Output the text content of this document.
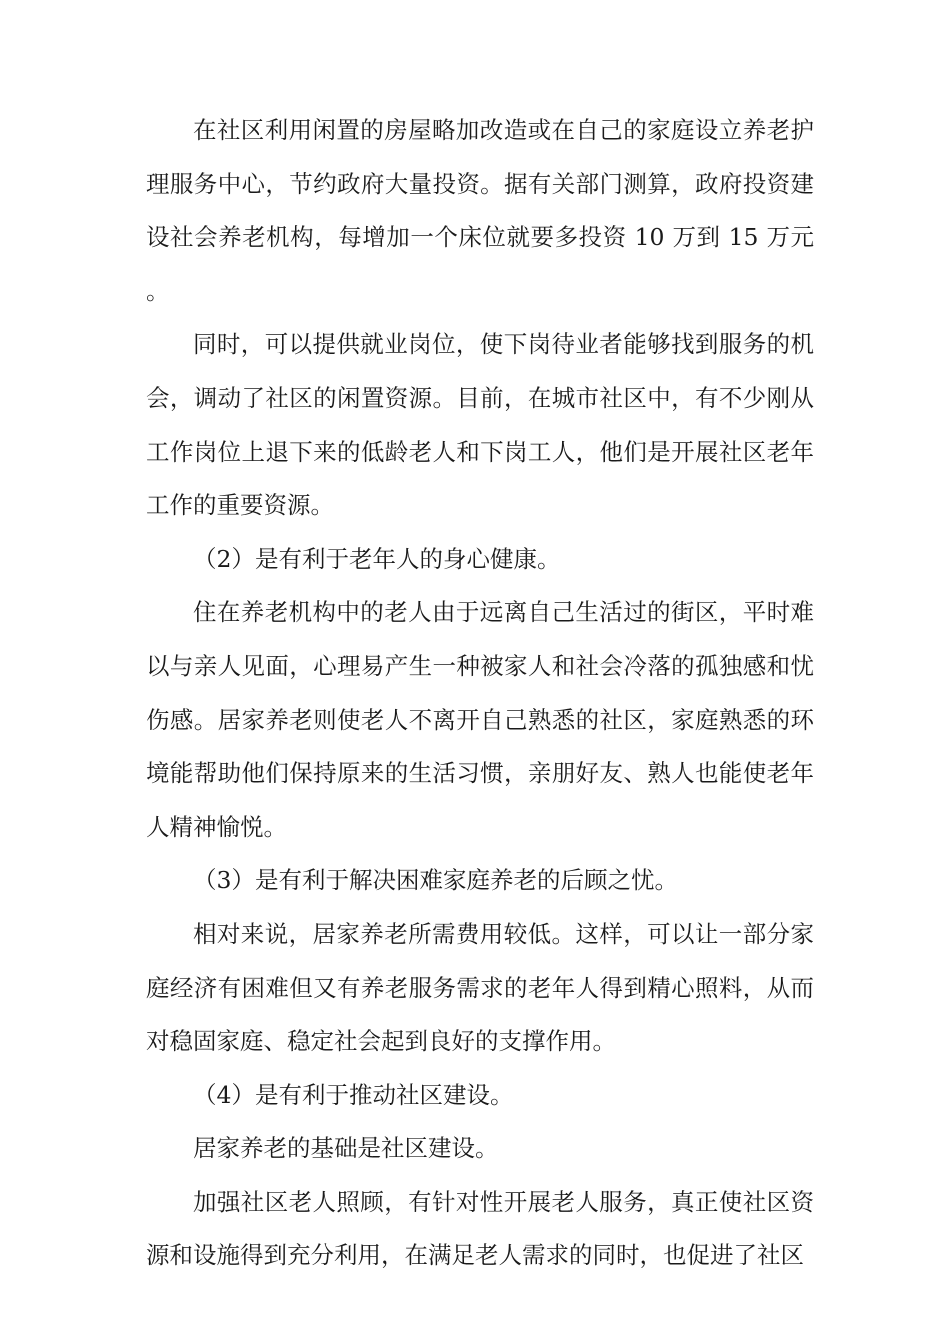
在社区利用闲置的房屋略加改造或在自己的家庭设立养老护理服务中心，节约政府大量投资。据有关部门测算，政府投资建设社会养老机构，每增加一个床位就要多投资 10 万到 15 万元。

同时，可以提供就业岗位，使下岗待业者能够找到服务的机会，调动了社区的闲置资源。目前，在城市社区中，有不少刚从工作岗位上退下来的低龄老人和下岗工人，他们是开展社区老年工作的重要资源。

（2）是有利于老年人的身心健康。

住在养老机构中的老人由于远离自己生活过的街区，平时难以与亲人见面，心理易产生一种被家人和社会冷落的孤独感和忧伤感。居家养老则使老人不离开自己熟悉的社区，家庭熟悉的环境能帮助他们保持原来的生活习惯，亲朋好友、熟人也能使老年人精神愉悦。

（3）是有利于解决困难家庭养老的后顾之忧。

相对来说，居家养老所需费用较低。这样，可以让一部分家庭经济有困难但又有养老服务需求的老年人得到精心照料，从而对稳固家庭、稳定社会起到良好的支撑作用。

（4）是有利于推动社区建设。

居家养老的基础是社区建设。

加强社区老人照顾，有针对性开展老人服务，真正使社区资源和设施得到充分利用，在满足老人需求的同时，也促进了社区
